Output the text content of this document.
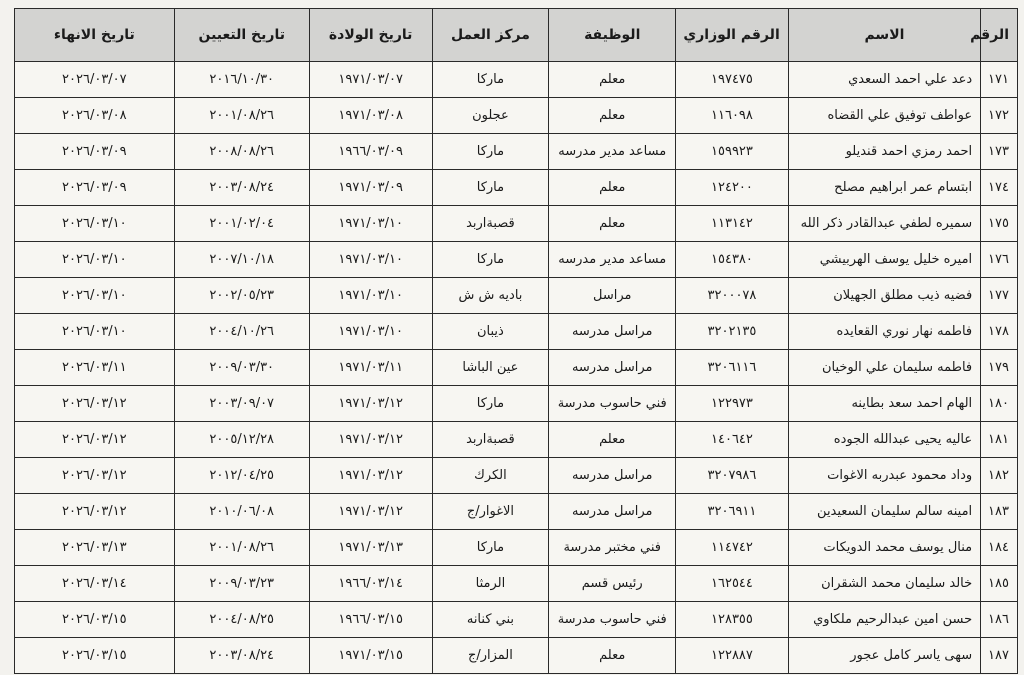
الرقم	الاسم	الرقم الوزاري	الوظيفة	مركز العمل	تاريخ الولادة	تاريخ التعيين	تاريخ الانهاء
١٧١	دعد علي احمد السعدي	١٩٧٤٧٥	معلم	ماركا	١٩٧١/٠٣/٠٧	٢٠١٦/١٠/٣٠	٢٠٢٦/٠٣/٠٧
١٧٢	عواطف توفيق علي القضاه	١١٦٠٩٨	معلم	عجلون	١٩٧١/٠٣/٠٨	٢٠٠١/٠٨/٢٦	٢٠٢٦/٠٣/٠٨
١٧٣	احمد رمزي احمد قنديلو	١٥٩٩٢٣	مساعد مدير مدرسه	ماركا	١٩٦٦/٠٣/٠٩	٢٠٠٨/٠٨/٢٦	٢٠٢٦/٠٣/٠٩
١٧٤	ابتسام عمر ابراهيم مصلح	١٢٤٢٠٠	معلم	ماركا	١٩٧١/٠٣/٠٩	٢٠٠٣/٠٨/٢٤	٢٠٢٦/٠٣/٠٩
١٧٥	سميره لطفي عبدالقادر ذكر الله	١١٣١٤٢	معلم	قصبةاربد	١٩٧١/٠٣/١٠	٢٠٠١/٠٢/٠٤	٢٠٢٦/٠٣/١٠
١٧٦	اميره خليل يوسف الهربيشي	١٥٤٣٨٠	مساعد مدير مدرسه	ماركا	١٩٧١/٠٣/١٠	٢٠٠٧/١٠/١٨	٢٠٢٦/٠٣/١٠
١٧٧	فضيه ذيب مطلق الجهيلان	٣٢٠٠٠٧٨	مراسل	باديه ش ش	١٩٧١/٠٣/١٠	٢٠٠٢/٠٥/٢٣	٢٠٢٦/٠٣/١٠
١٧٨	فاطمه نهار نوري القعايده	٣٢٠٢١٣٥	مراسل مدرسه	ذيبان	١٩٧١/٠٣/١٠	٢٠٠٤/١٠/٢٦	٢٠٢٦/٠٣/١٠
١٧٩	فاطمه سليمان علي الوخيان	٣٢٠٦١١٦	مراسل مدرسه	عين الباشا	١٩٧١/٠٣/١١	٢٠٠٩/٠٣/٣٠	٢٠٢٦/٠٣/١١
١٨٠	الهام احمد سعد بطاينه	١٢٢٩٧٣	فني حاسوب مدرسة	ماركا	١٩٧١/٠٣/١٢	٢٠٠٣/٠٩/٠٧	٢٠٢٦/٠٣/١٢
١٨١	عاليه يحيى عبدالله الجوده	١٤٠٦٤٢	معلم	قصبةاربد	١٩٧١/٠٣/١٢	٢٠٠٥/١٢/٢٨	٢٠٢٦/٠٣/١٢
١٨٢	وداد محمود عبدربه الاغوات	٣٢٠٧٩٨٦	مراسل مدرسه	الكرك	١٩٧١/٠٣/١٢	٢٠١٢/٠٤/٢٥	٢٠٢٦/٠٣/١٢
١٨٣	امينه سالم سليمان السعيدين	٣٢٠٦٩١١	مراسل مدرسه	الاغوار/ج	١٩٧١/٠٣/١٢	٢٠١٠/٠٦/٠٨	٢٠٢٦/٠٣/١٢
١٨٤	منال يوسف محمد الدويكات	١١٤٧٤٢	فني مختبر مدرسة	ماركا	١٩٧١/٠٣/١٣	٢٠٠١/٠٨/٢٦	٢٠٢٦/٠٣/١٣
١٨٥	خالد سليمان محمد الشقران	١٦٢٥٤٤	رئيس قسم	الرمثا	١٩٦٦/٠٣/١٤	٢٠٠٩/٠٣/٢٣	٢٠٢٦/٠٣/١٤
١٨٦	حسن امين عبدالرحيم ملكاوي	١٢٨٣٥٥	فني حاسوب مدرسة	بني كنانه	١٩٦٦/٠٣/١٥	٢٠٠٤/٠٨/٢٥	٢٠٢٦/٠٣/١٥
١٨٧	سهى ياسر كامل عجور	١٢٢٨٨٧	معلم	المزار/ج	١٩٧١/٠٣/١٥	٢٠٠٣/٠٨/٢٤	٢٠٢٦/٠٣/١٥
